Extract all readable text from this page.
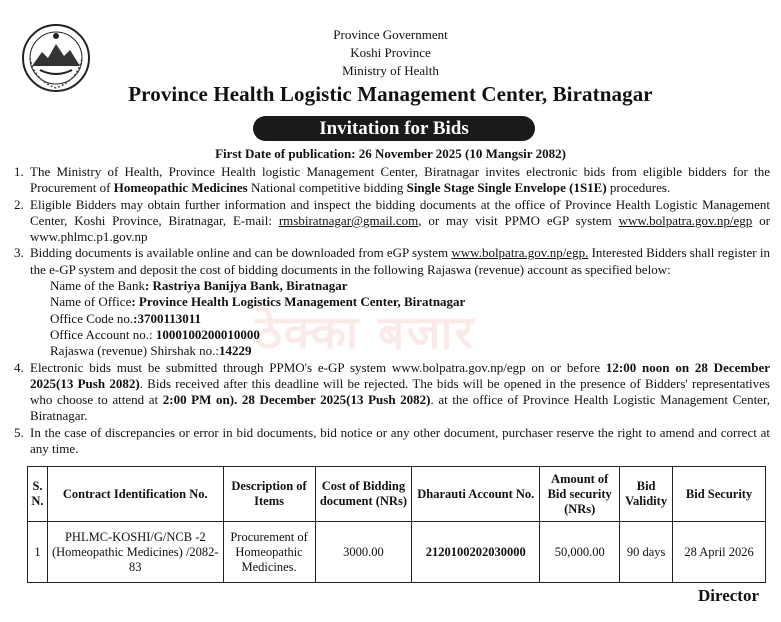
Province Government
Koshi Province
Ministry of Health
Province Health Logistic Management Center, Biratnagar
Invitation for Bids
First Date of publication: 26 November 2025 (10 Mangsir 2082)
ठेक्का बजार
1. The Ministry of Health, Province Health logistic Management Center, Biratnagar invites electronic bids from eligible bidders for the Procurement of Homeopathic Medicines National competitive bidding Single Stage Single Envelope (1S1E) procedures.
2. Eligible Bidders may obtain further information and inspect the bidding documents at the office of Province Health Logistic Management Center, Koshi Province, Biratnagar, E-mail: rmsbiratnagar@gmail.com, or may visit PPMO eGP system www.bolpatra.gov.np/egp or www.phlmc.p1.gov.np
3. Bidding documents is available online and can be downloaded from eGP system www.bolpatra.gov.np/egp. Interested Bidders shall register in the e-GP system and deposit the cost of bidding documents in the following Rajaswa (revenue) account as specified below:
Name of the Bank: Rastriya Banijya Bank, Biratnagar
Name of Office: Province Health Logistics Management Center, Biratnagar
Office Code no.:3700113011
Office Account no.: 1000100200010000
Rajaswa (revenue) Shirshak no.:14229
4. Electronic bids must be submitted through PPMO's e-GP system www.bolpatra.gov.np/egp on or before 12:00 noon on 28 December 2025(13 Push 2082). Bids received after this deadline will be rejected. The bids will be opened in the presence of Bidders' representatives who choose to attend at 2:00 PM on). 28 December 2025(13 Push 2082). at the office of Province Health Logistic Management Center, Biratnagar.
5. In the case of discrepancies or error in bid documents, bid notice or any other document, purchaser reserve the right to amend and correct at any time.
S. N.	Contract Identification No.	Description of Items	Cost of Bidding document (NRs)	Dharauti Account No.	Amount of Bid security (NRs)	Bid Validity	Bid Security
1	PHLMC-KOSHI/G/NCB -2 (Homeopathic Medicines) /2082-83	Procurement of Homeopathic Medicines.	3000.00	2120100202030000	50,000.00	90 days	28 April 2026
Director
